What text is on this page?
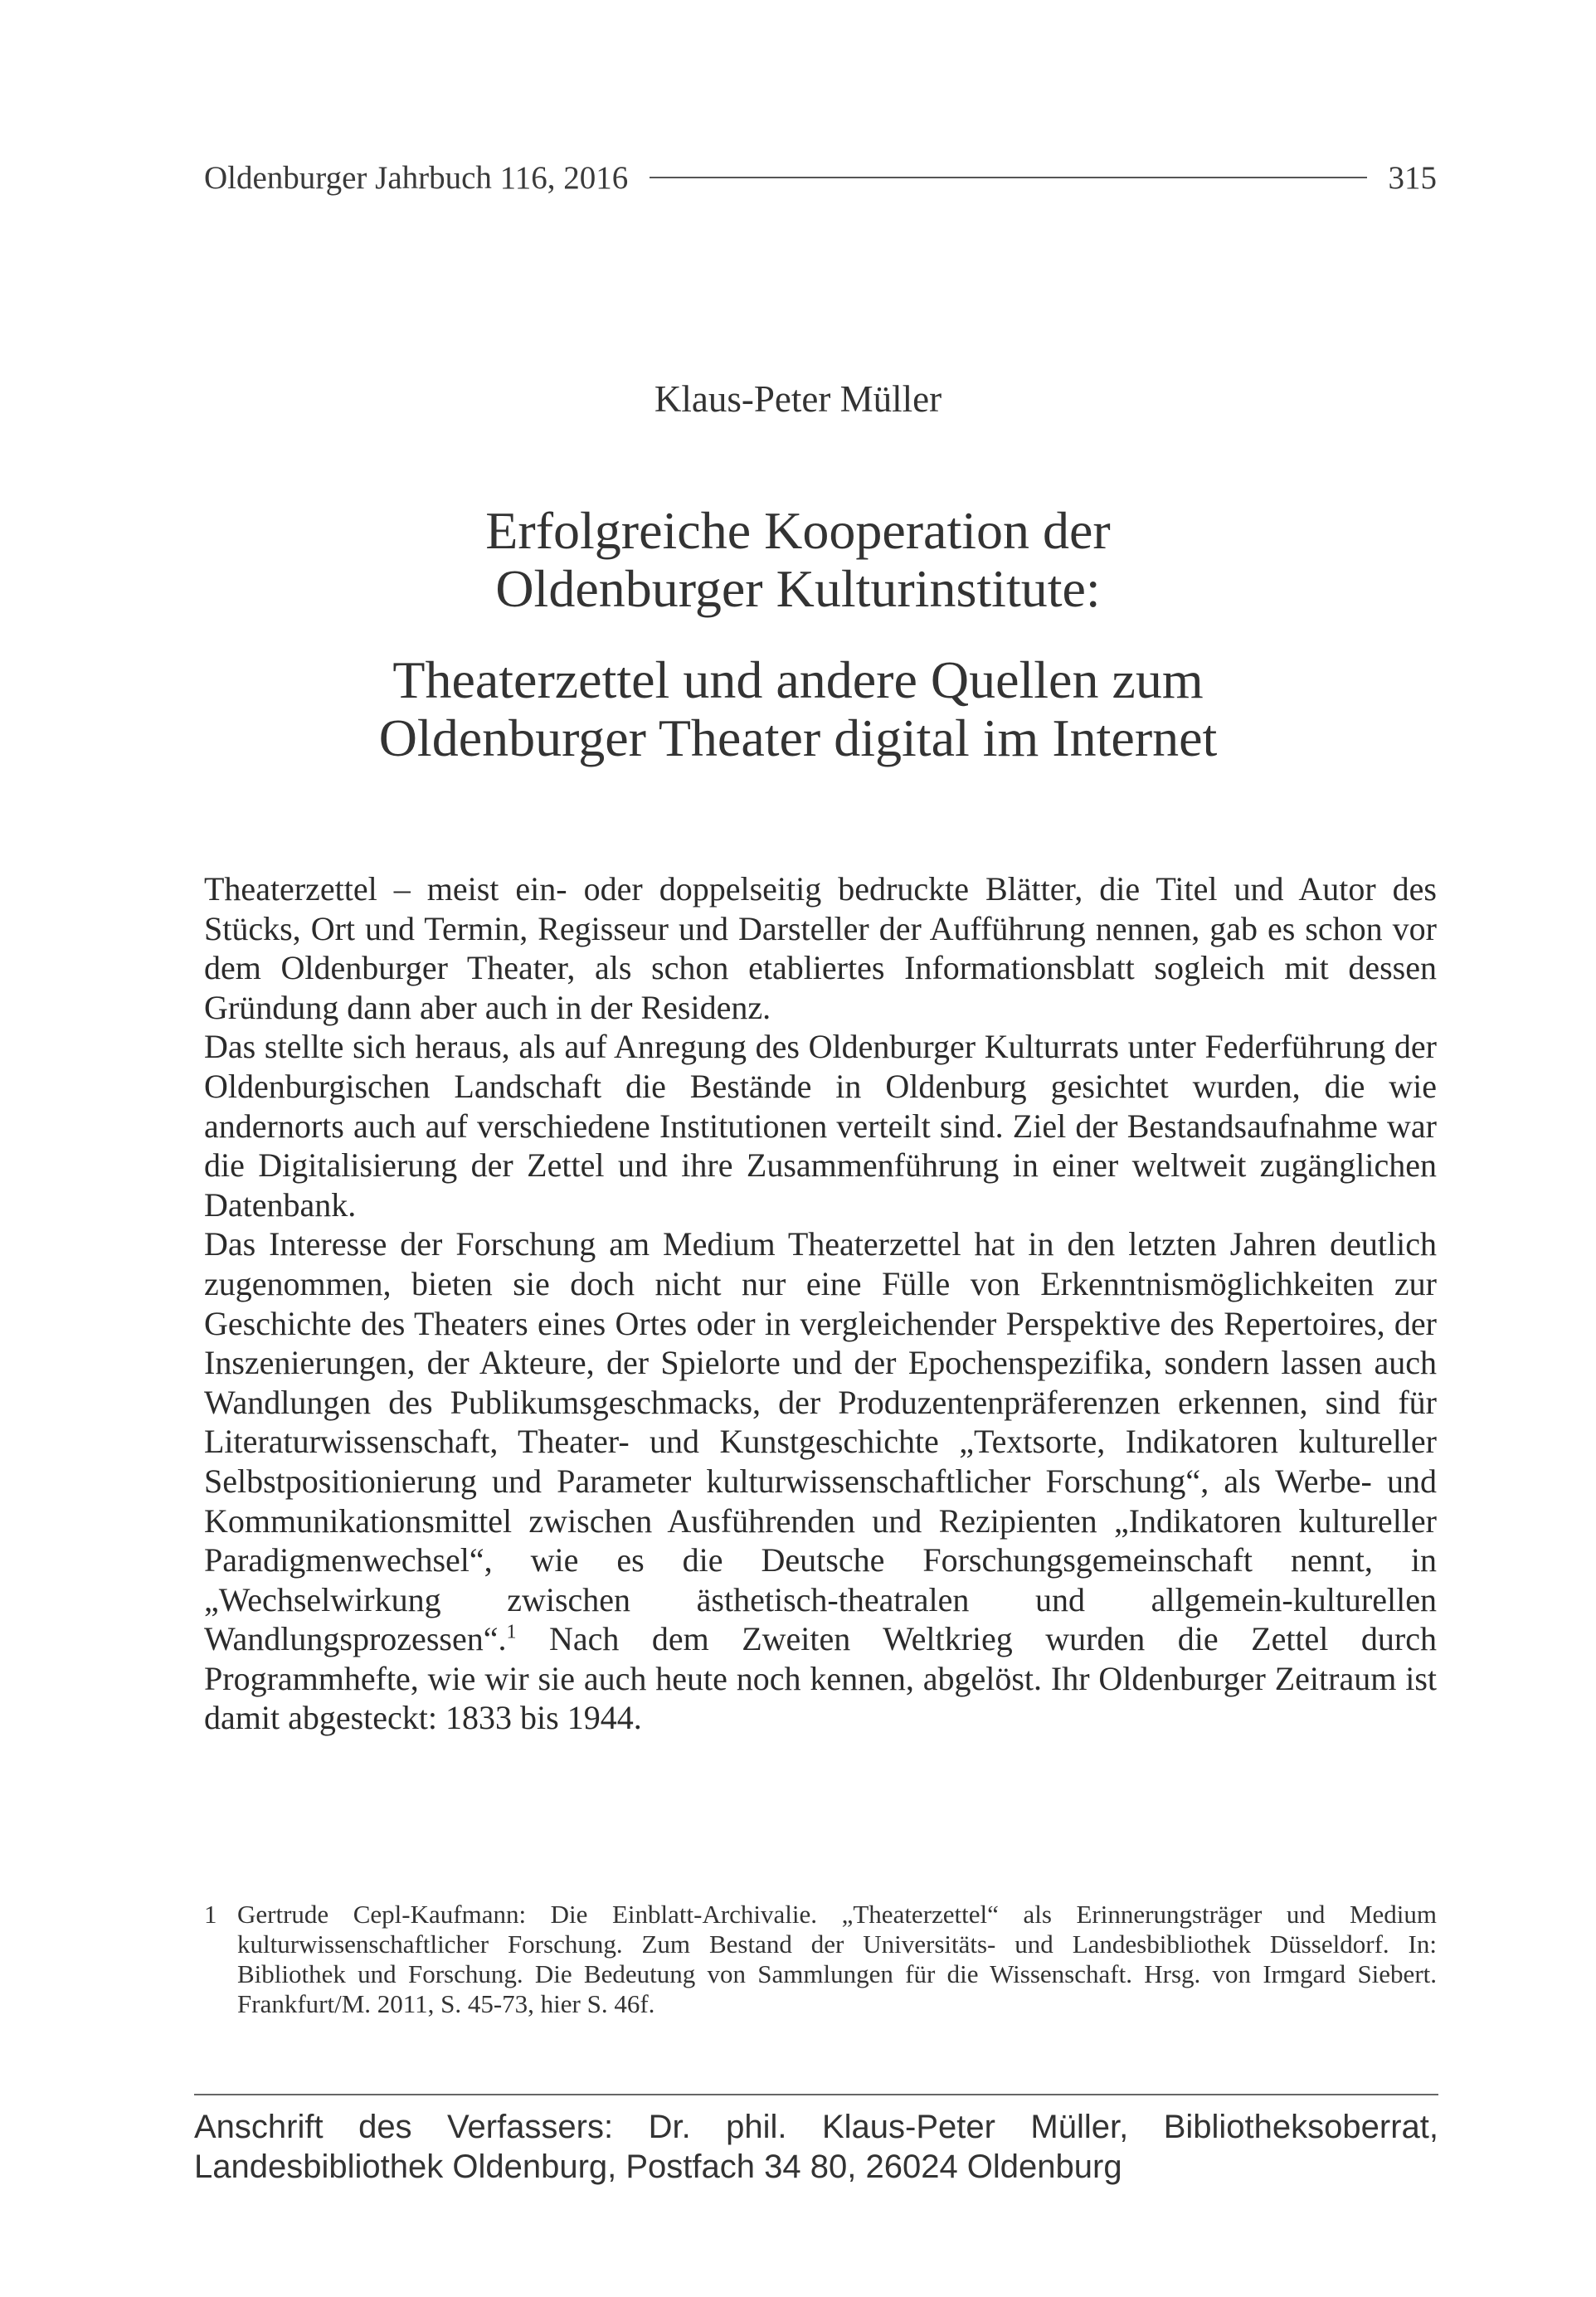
Oldenburger Jahrbuch 116, 2016	315
Klaus-Peter Müller
Erfolgreiche Kooperation der
Oldenburger Kulturinstitute:
Theaterzettel und andere Quellen zum
Oldenburger Theater digital im Internet

Theaterzettel – meist ein- oder doppelseitig bedruckte Blätter, die Titel und Autor des Stücks, Ort und Termin, Regisseur und Darsteller der Aufführung nennen, gab es schon vor dem Oldenburger Theater, als schon etabliertes Informationsblatt sogleich mit dessen Gründung dann aber auch in der Residenz.

Das stellte sich heraus, als auf Anregung des Oldenburger Kulturrats unter Federführung der Oldenburgischen Landschaft die Bestände in Oldenburg gesichtet wurden, die wie andernorts auch auf verschiedene Institutionen verteilt sind. Ziel der Bestandsaufnahme war die Digitalisierung der Zettel und ihre Zusammenführung in einer weltweit zugänglichen Datenbank.

Das Interesse der Forschung am Medium Theaterzettel hat in den letzten Jahren deutlich zugenommen, bieten sie doch nicht nur eine Fülle von Erkenntnismöglichkeiten zur Geschichte des Theaters eines Ortes oder in vergleichender Perspektive des Repertoires, der Inszenierungen, der Akteure, der Spielorte und der Epochenspezifika, sondern lassen auch Wandlungen des Publikumsgeschmacks, der Produzentenpräferenzen erkennen, sind für Literaturwissenschaft, Theater- und Kunstgeschichte „Textsorte, Indikatoren kultureller Selbstpositionierung und Parameter kulturwissenschaftlicher Forschung“, als Werbe- und Kommunikationsmittel zwischen Ausführenden und Rezipienten „Indikatoren kultureller Paradigmenwechsel“, wie es die Deutsche Forschungsgemeinschaft nennt, in „Wechselwirkung zwischen ästhetisch-theatralen und allgemein-kulturellen Wandlungsprozessen“.$^1$ Nach dem Zweiten Weltkrieg wurden die Zettel durch Programmhefte, wie wir sie auch heute noch kennen, abgelöst. Ihr Oldenburger Zeitraum ist damit abgesteckt: 1833 bis 1944.

1 Gertrude Cepl-Kaufmann: Die Einblatt-Archivalie. „Theaterzettel“ als Erinnerungsträger und Medium kulturwissenschaftlicher Forschung. Zum Bestand der Universitäts- und Landesbibliothek Düsseldorf. In: Bibliothek und Forschung. Die Bedeutung von Sammlungen für die Wissenschaft. Hrsg. von Irmgard Siebert. Frankfurt/M. 2011, S. 45-73, hier S. 46f.
Anschrift des Verfassers: Dr. phil. Klaus-Peter Müller, Bibliotheksoberrat, Landesbibliothek Oldenburg, Postfach 34 80, 26024 Oldenburg
